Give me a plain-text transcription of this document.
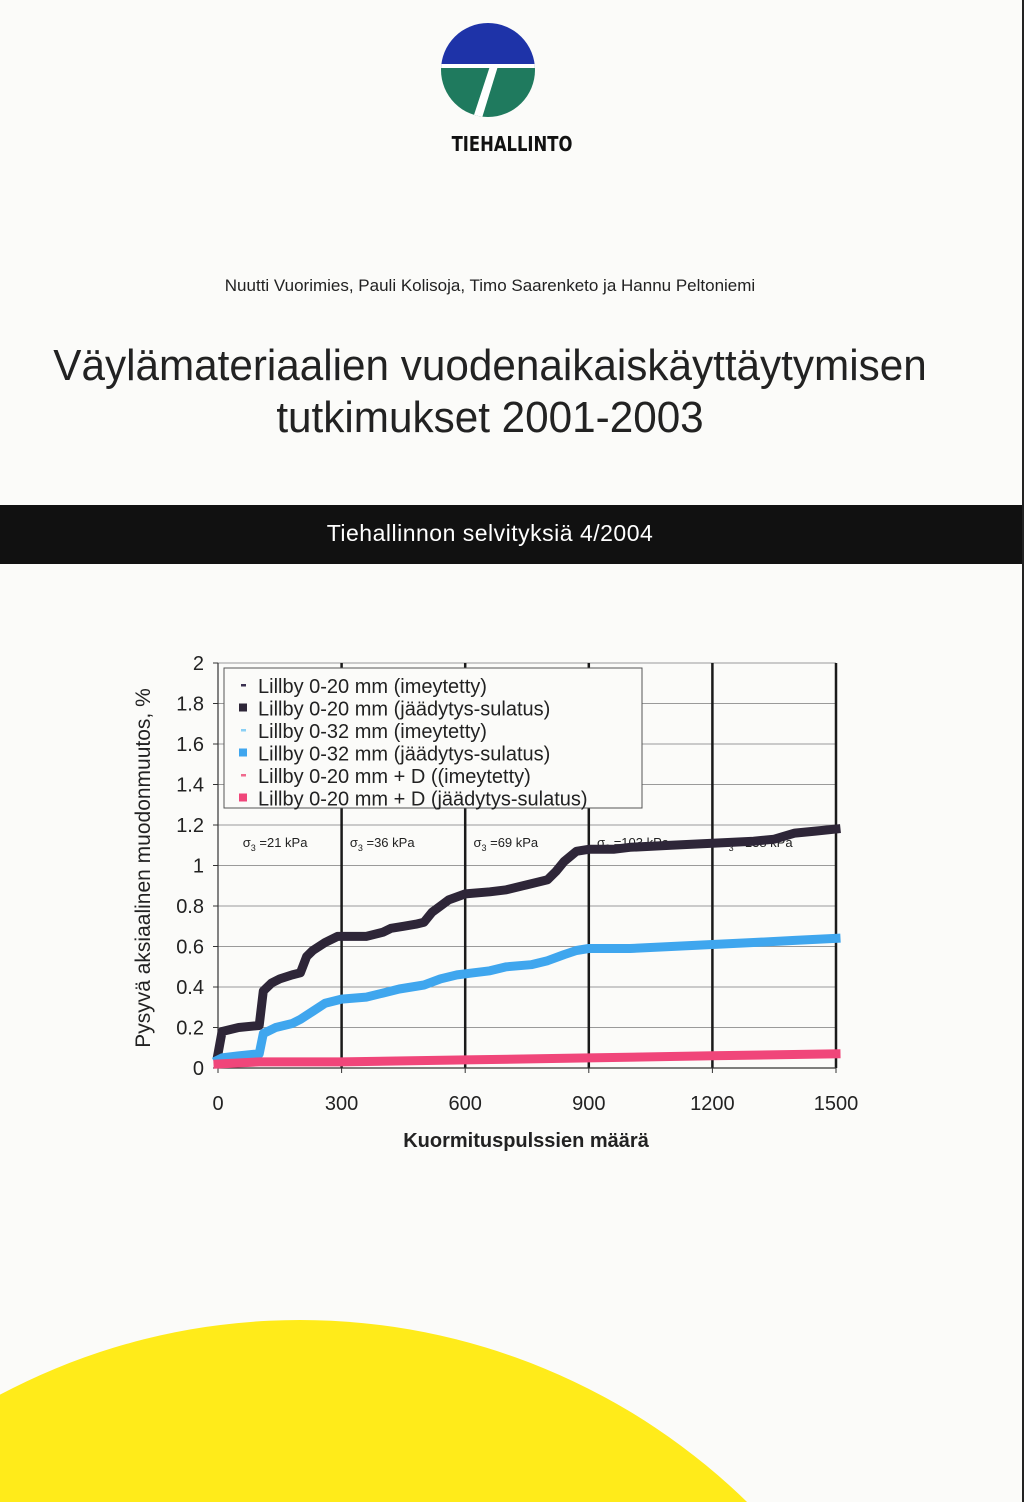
TIEHALLINTO
Nuutti Vuorimies, Pauli Kolisoja, Timo Saarenketo ja Hannu Peltoniemi
Väylämateriaalien vuodenaikaiskäyttäytymisen
tutkimukset 2001-2003
Tiehallinnon selvityksiä 4/2004
Pysyvä aksiaalinen muodonmuutos, %
Kuormituspulssien määrä
0
0.2
0.4
0.6
0.8
1
1.2
1.4
1.6
1.8
2
0	300	600	900	1200	1500
$\sigma_3 =21$ kPa	$\sigma_3 =36$ kPa	$\sigma_3 =69$ kPa	$\sigma_3 =103$ kPa	$\sigma_3 =138$ kPa
Lillby 0-20 mm (imeytetty)
Lillby 0-20 mm (jäädytys-sulatus)
Lillby 0-32 mm (imeytetty)
Lillby 0-32 mm (jäädytys-sulatus)
Lillby 0-20 mm + D ((imeytetty)
Lillby 0-20 mm + D (jäädytys-sulatus)
